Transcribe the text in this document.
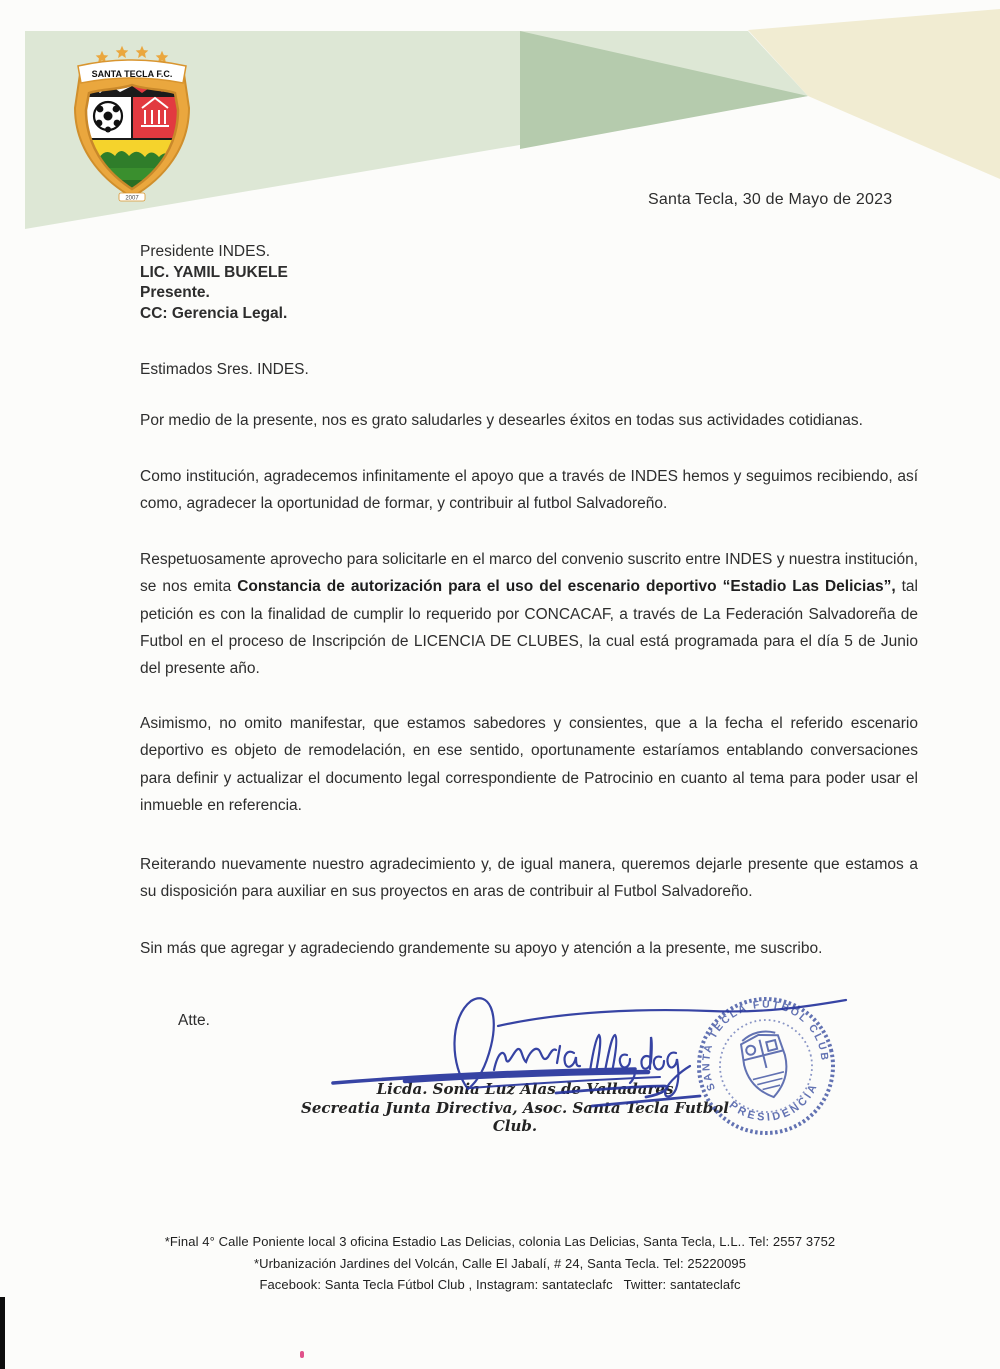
SANTA TECLA F.C.
2007	Santa Tecla, 30 de Mayo de 2023
Presidente INDES.
LIC. YAMIL BUKELE
Presente.
CC: Gerencia Legal.
Estimados Sres. INDES.
Por medio de la presente, nos es grato saludarles y desearles éxitos en todas sus actividades cotidianas.
Como institución, agradecemos infinitamente el apoyo que a través de INDES hemos y seguimos recibiendo, así como, agradecer la oportunidad de formar, y contribuir al futbol Salvadoreño.
Respetuosamente aprovecho para solicitarle en el marco del convenio suscrito entre INDES y nuestra institución, se nos emita Constancia de autorización para el uso del escenario deportivo “Estadio Las Delicias”, tal petición es con la finalidad de cumplir lo requerido por CONCACAF, a través de La Federación Salvadoreña de Futbol en el proceso de Inscripción de LICENCIA DE CLUBES, la cual está programada para el día 5 de Junio del presente año.
Asimismo, no omito manifestar, que estamos sabedores y consientes, que a la fecha el referido escenario deportivo es objeto de remodelación, en ese sentido, oportunamente estaríamos entablando conversaciones para definir y actualizar el documento legal correspondiente de Patrocinio en cuanto al tema para poder usar el inmueble en referencia.
Reiterando nuevamente nuestro agradecimiento y, de igual manera, queremos dejarle presente que estamos a su disposición para auxiliar en sus proyectos en aras de contribuir al Futbol Salvadoreño.
Sin más que agregar y agradeciendo grandemente su apoyo y atención a la presente, me suscribo.
Atte.
Licda. Sonia Luz Alas de Valladares
Secreatia Junta Directiva, Asoc. Santa Tecla Futbol Club.
SANTA TECLA FUTBOL CLUB
PRESIDENCIA
*Final 4° Calle Poniente local 3 oficina Estadio Las Delicias, colonia Las Delicias, Santa Tecla, L.L.. Tel: 2557 3752
*Urbanización Jardines del Volcán, Calle El Jabalí, # 24, Santa Tecla. Tel: 25220095
Facebook: Santa Tecla Fútbol Club , Instagram: santateclafc   Twitter: santateclafc
